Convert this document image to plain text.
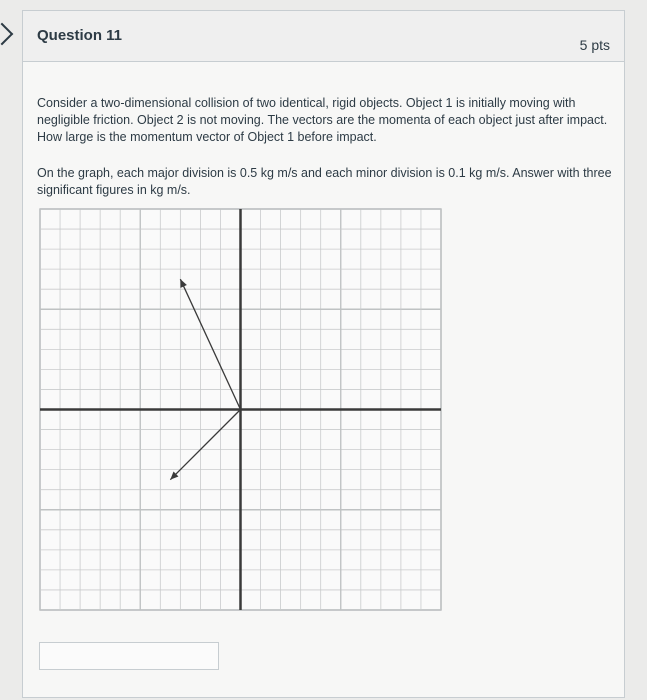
Question 11
5 pts

Consider a two-dimensional collision of two identical, rigid objects. Object 1 is initially moving with negligible friction. Object 2 is not moving. The vectors are the momenta of each object just after impact. How large is the momentum vector of Object 1 before impact.

On the graph, each major division is 0.5 kg m/s and each minor division is 0.1 kg m/s. Answer with three significant figures in kg m/s.
